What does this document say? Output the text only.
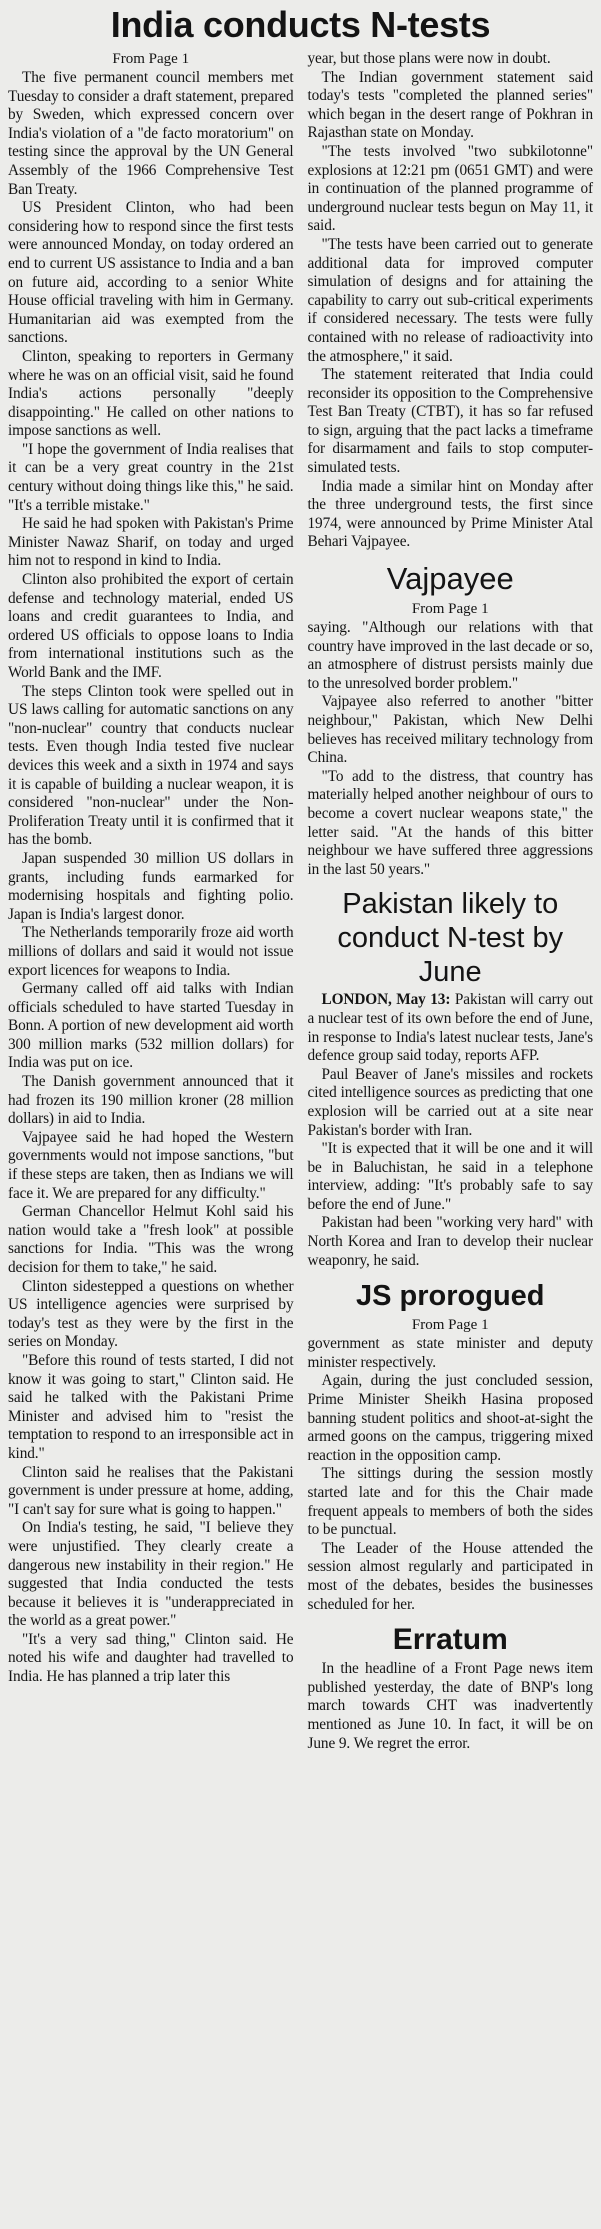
India conducts N-tests
From Page 1

The five permanent council members met Tuesday to consider a draft statement, prepared by Sweden, which expressed concern over India's violation of a "de facto moratorium" on testing since the approval by the UN General Assembly of the 1966 Comprehensive Test Ban Treaty.

US President Clinton, who had been considering how to respond since the first tests were announced Monday, on today ordered an end to current US assistance to India and a ban on future aid, according to a senior White House official traveling with him in Germany. Humanitarian aid was exempted from the sanctions.

Clinton, speaking to reporters in Germany where he was on an official visit, said he found India's actions personally "deeply disappointing." He called on other nations to impose sanctions as well.

"I hope the government of India realises that it can be a very great country in the 21st century without doing things like this," he said. "It's a terrible mistake."

He said he had spoken with Pakistan's Prime Minister Nawaz Sharif, on today and urged him not to respond in kind to India.

Clinton also prohibited the export of certain defense and technology material, ended US loans and credit guarantees to India, and ordered US officials to oppose loans to India from international institutions such as the World Bank and the IMF.

The steps Clinton took were spelled out in US laws calling for automatic sanctions on any "non-nuclear" country that conducts nuclear tests. Even though India tested five nuclear devices this week and a sixth in 1974 and says it is capable of building a nuclear weapon, it is considered "non-nuclear" under the Non-Proliferation Treaty until it is confirmed that it has the bomb.

Japan suspended 30 million US dollars in grants, including funds earmarked for modernising hospitals and fighting polio. Japan is India's largest donor.

The Netherlands temporarily froze aid worth millions of dollars and said it would not issue export licences for weapons to India.

Germany called off aid talks with Indian officials scheduled to have started Tuesday in Bonn. A portion of new development aid worth 300 million marks (532 million dollars) for India was put on ice.

The Danish government announced that it had frozen its 190 million kroner (28 million dollars) in aid to India.

Vajpayee said he had hoped the Western governments would not impose sanctions, "but if these steps are taken, then as Indians we will face it. We are prepared for any difficulty."

German Chancellor Helmut Kohl said his nation would take a "fresh look" at possible sanctions for India. "This was the wrong decision for them to take," he said.

Clinton sidestepped a questions on whether US intelligence agencies were surprised by today's test as they were by the first in the series on Monday.

"Before this round of tests started, I did not know it was going to start," Clinton said. He said he talked with the Pakistani Prime Minister and advised him to "resist the temptation to respond to an irresponsible act in kind."

Clinton said he realises that the Pakistani government is under pressure at home, adding, "I can't say for sure what is going to happen."

On India's testing, he said, "I believe they were unjustified. They clearly create a dangerous new instability in their region." He suggested that India conducted the tests because it believes it is "underappreciated in the world as a great power."

"It's a very sad thing," Clinton said. He noted his wife and daughter had travelled to India. He has planned a trip later this

year, but those plans were now in doubt.

The Indian government statement said today's tests "completed the planned series" which began in the desert range of Pokhran in Rajasthan state on Monday.

"The tests involved "two subkilotonne" explosions at 12:21 pm (0651 GMT) and were in continuation of the planned programme of underground nuclear tests begun on May 11, it said.

"The tests have been carried out to generate additional data for improved computer simulation of designs and for attaining the capability to carry out sub-critical experiments if considered necessary. The tests were fully contained with no release of radioactivity into the atmosphere," it said.

The statement reiterated that India could reconsider its opposition to the Comprehensive Test Ban Treaty (CTBT), it has so far refused to sign, arguing that the pact lacks a timeframe for disarmament and fails to stop computer-simulated tests.

India made a similar hint on Monday after the three underground tests, the first since 1974, were announced by Prime Minister Atal Behari Vajpayee.

Vajpayee
From Page 1

saying. "Although our relations with that country have improved in the last decade or so, an atmosphere of distrust persists mainly due to the unresolved border problem."

Vajpayee also referred to another "bitter neighbour," Pakistan, which New Delhi believes has received military technology from China.

"To add to the distress, that country has materially helped another neighbour of ours to become a covert nuclear weapons state," the letter said. "At the hands of this bitter neighbour we have suffered three aggressions in the last 50 years."

Pakistan likely to conduct N-test by June

LONDON, May 13: Pakistan will carry out a nuclear test of its own before the end of June, in response to India's latest nuclear tests, Jane's defence group said today, reports AFP.

Paul Beaver of Jane's missiles and rockets cited intelligence sources as predicting that one explosion will be carried out at a site near Pakistan's border with Iran.

"It is expected that it will be one and it will be in Baluchistan, he said in a telephone interview, adding: "It's probably safe to say before the end of June."

Pakistan had been "working very hard" with North Korea and Iran to develop their nuclear weaponry, he said.

JS prorogued
From Page 1

government as state minister and deputy minister respectively.

Again, during the just concluded session, Prime Minister Sheikh Hasina proposed banning student politics and shoot-at-sight the armed goons on the campus, triggering mixed reaction in the opposition camp.

The sittings during the session mostly started late and for this the Chair made frequent appeals to members of both the sides to be punctual.

The Leader of the House attended the session almost regularly and participated in most of the debates, besides the businesses scheduled for her.

Erratum

In the headline of a Front Page news item published yesterday, the date of BNP's long march towards CHT was inadvertently mentioned as June 10. In fact, it will be on June 9. We regret the error.
